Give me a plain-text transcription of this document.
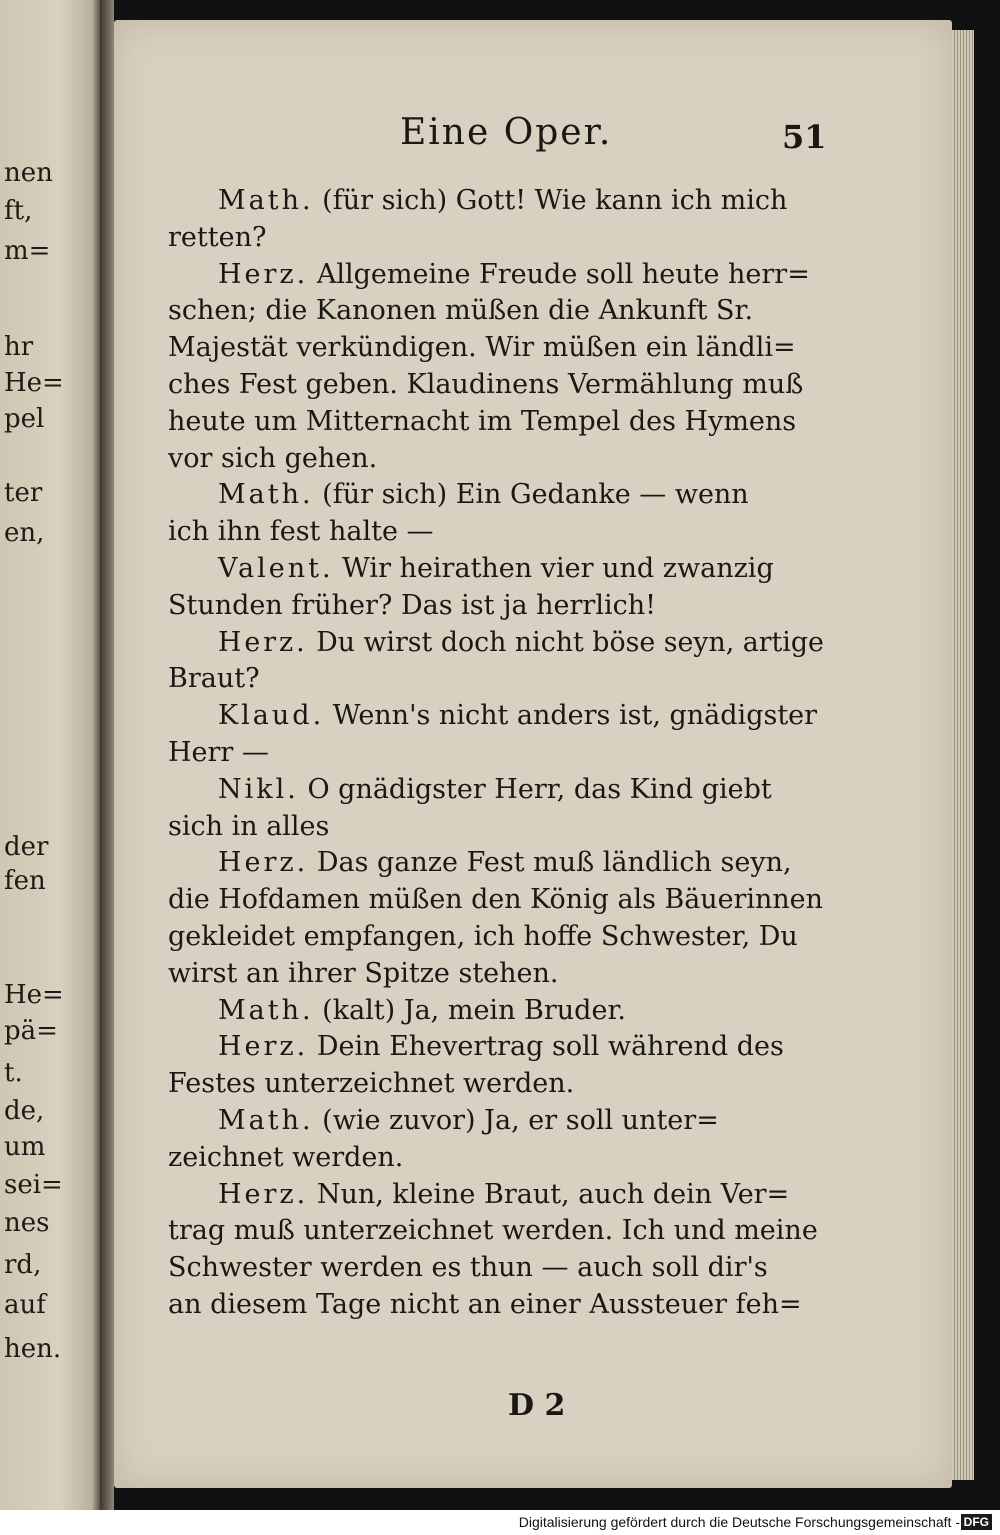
nen
ft,
m=
hr
He=
pel
ter
en,
der
fen
He=
pä=
t.
de,
um
sei=
nes
rd,
auf
hen.
Eine Oper.	51
Math. (für sich) Gott! Wie kann ich mich
retten?
Herz. Allgemeine Freude soll heute herr=
schen; die Kanonen müßen die Ankunft Sr.
Majestät verkündigen. Wir müßen ein ländli=
ches Fest geben. Klaudinens Vermählung muß
heute um Mitternacht im Tempel des Hymens
vor sich gehen.
Math. (für sich) Ein Gedanke — wenn
ich ihn fest halte —
Valent. Wir heirathen vier und zwanzig
Stunden früher? Das ist ja herrlich!
Herz. Du wirst doch nicht böse seyn, artige
Braut?
Klaud. Wenn's nicht anders ist, gnädigster
Herr —
Nikl. O gnädigster Herr, das Kind giebt
sich in alles
Herz. Das ganze Fest muß ländlich seyn,
die Hofdamen müßen den König als Bäuerinnen
gekleidet empfangen, ich hoffe Schwester, Du
wirst an ihrer Spitze stehen.
Math. (kalt) Ja, mein Bruder.
Herz. Dein Ehevertrag soll während des
Festes unterzeichnet werden.
Math. (wie zuvor) Ja, er soll unter=
zeichnet werden.
Herz. Nun, kleine Braut, auch dein Ver=
trag muß unterzeichnet werden. Ich und meine
Schwester werden es thun — auch soll dir's
an diesem Tage nicht an einer Aussteuer feh=
D 2
Digitalisierung gefördert durch die Deutsche Forschungsgemeinschaft - DFG
